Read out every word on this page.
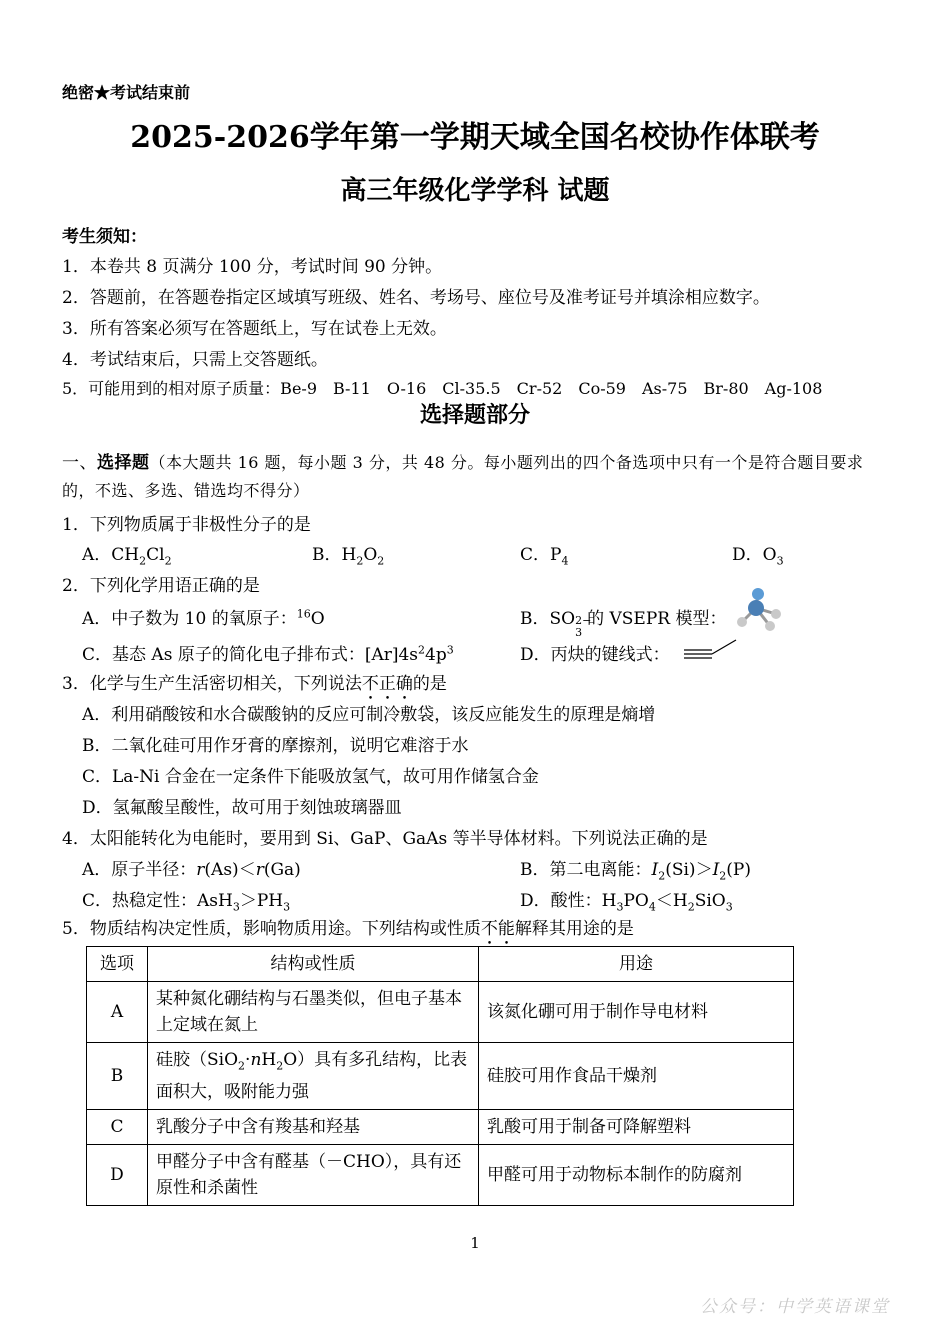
绝密★考试结束前
2025-2026学年第一学期天域全国名校协作体联考
高三年级化学学科 试题
考生须知：
1．本卷共 8 页满分 100 分，考试时间 90 分钟。
2．答题前，在答题卷指定区域填写班级、姓名、考场号、座位号及准考证号并填涂相应数字。
3．所有答案必须写在答题纸上，写在试卷上无效。
4．考试结束后，只需上交答题纸。
5．可能用到的相对原子质量：Be-9　B-11　O-16　Cl-35.5　Cr-52　Co-59　As-75　Br-80　Ag-108
选择题部分
一、选择题（本大题共 16 题，每小题 3 分，共 48 分。每小题列出的四个备选项中只有一个是符合题目要求的，不选、多选、错选均不得分）
1．下列物质属于非极性分子的是
A．$CH_2Cl_2$	B．$H_2O_2$	C．$P_4$	D．$O_3$
2．下列化学用语正确的是
A．中子数为 10 的氧原子：$^{16}$O	B．SO 2−
3
的 VSEPR 模型：
C．基态 As 原子的简化电子排布式：$[Ar]4s^24p^3$	D．丙炔的键线式：
3．化学与生产生活密切相关，下列说法不正确的是
A．利用硝酸铵和水合碳酸钠的反应可制冷敷袋，该反应能发生的原理是熵增
B．二氧化硅可用作牙膏的摩擦剂，说明它难溶于水
C．La-Ni 合金在一定条件下能吸放氢气，故可用作储氢合金
D．氢氟酸呈酸性，故可用于刻蚀玻璃器皿
4．太阳能转化为电能时，要用到 Si、GaP、GaAs 等半导体材料。下列说法正确的是
A．原子半径：r(As)＜r(Ga)	B．第二电离能：$I_2(Si)>I_2(P)$
C．热稳定性：$AsH_3>PH_3$	D．酸性：$H_3PO_4<H_2SiO_3$
5．物质结构决定性质，影响物质用途。下列结构或性质不能解释其用途的是
选项	结构或性质	用途
A	某种氮化硼结构与石墨类似，但电子基本上定域在氮上	该氮化硼可用于制作导电材料
B	硅胶$(SiO_2\cdot nH_2O)$具有多孔结构，比表面积大，吸附能力强	硅胶可用作食品干燥剂
C	乳酸分子中含有羧基和羟基	乳酸可用于制备可降解塑料
D	甲醛分子中含有醛基（－CHO），具有还原性和杀菌性	甲醛可用于动物标本制作的防腐剂
1
公众号：中学英语课堂
